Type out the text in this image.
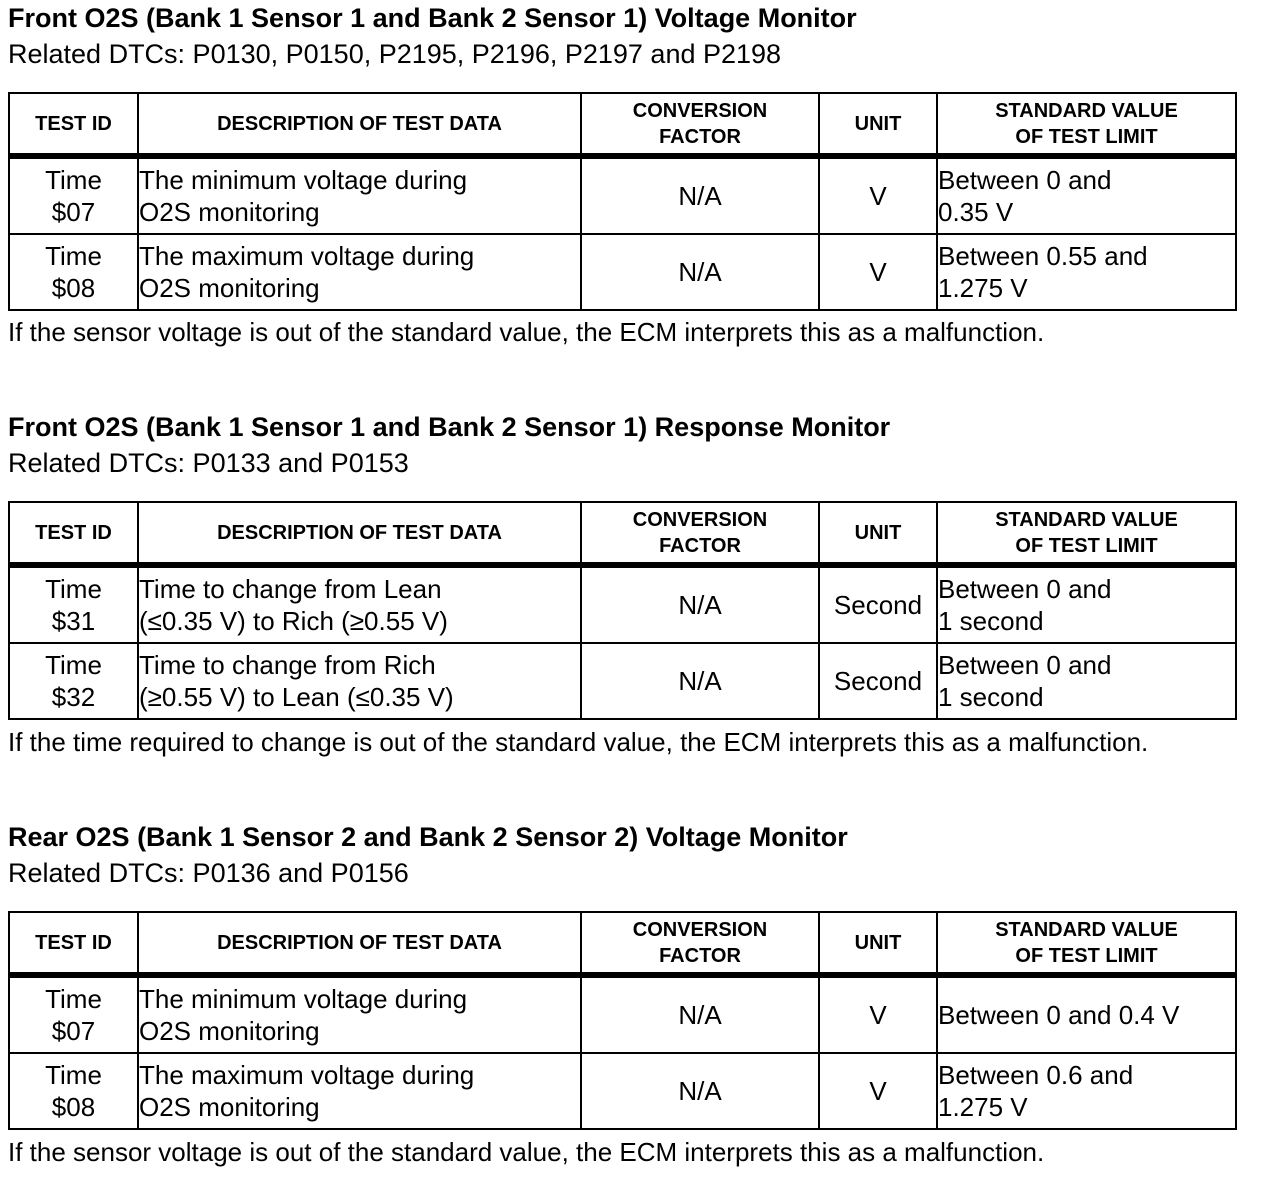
Front O2S (Bank 1 Sensor 1 and Bank 2 Sensor 1) Voltage Monitor
Related DTCs: P0130, P0150, P2195, P2196, P2197 and P2198
TEST ID	DESCRIPTION OF TEST DATA	CONVERSION
FACTOR	UNIT	STANDARD VALUE
OF TEST LIMIT

Time
$07	The minimum voltage during
O2S monitoring	N/A	V	Between 0 and
0.35 V

Time
$08	The maximum voltage during
O2S monitoring	N/A	V	Between 0.55 and
1.275 V
If the sensor voltage is out of the standard value, the ECM interprets this as a malfunction.
Front O2S (Bank 1 Sensor 1 and Bank 2 Sensor 1) Response Monitor
Related DTCs: P0133 and P0153
TEST ID	DESCRIPTION OF TEST DATA	CONVERSION
FACTOR	UNIT	STANDARD VALUE
OF TEST LIMIT

Time
$31	Time to change from Lean
(≤0.35 V) to Rich (≥0.55 V)	N/A	Second	Between 0 and
1 second

Time
$32	Time to change from Rich
(≥0.55 V) to Lean (≤0.35 V)	N/A	Second	Between 0 and
1 second
If the time required to change is out of the standard value, the ECM interprets this as a malfunction.
Rear O2S (Bank 1 Sensor 2 and Bank 2 Sensor 2) Voltage Monitor
Related DTCs: P0136 and P0156
TEST ID	DESCRIPTION OF TEST DATA	CONVERSION
FACTOR	UNIT	STANDARD VALUE
OF TEST LIMIT

Time
$07	The minimum voltage during
O2S monitoring	N/A	V	Between 0 and 0.4 V

Time
$08	The maximum voltage during
O2S monitoring	N/A	V	Between 0.6 and
1.275 V
If the sensor voltage is out of the standard value, the ECM interprets this as a malfunction.
